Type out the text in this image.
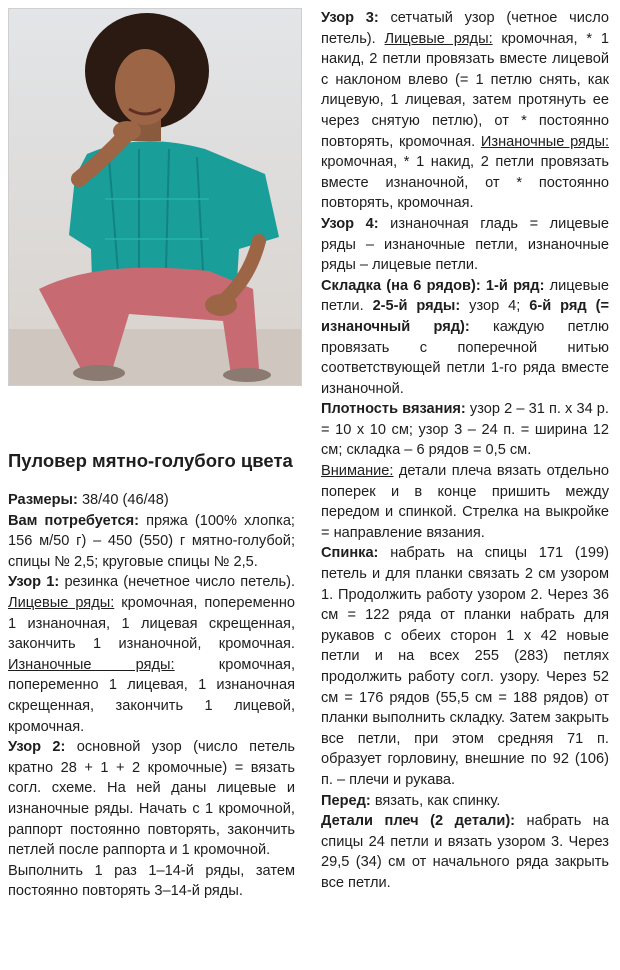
Пуловер мятно-голубого цвета

Размеры: 38/40 (46/48)

Вам потребуется: пряжа (100% хлопка; 156 м/50 г) – 450 (550) г мятно-голубой; спицы № 2,5; круговые спицы № 2,5.

Узор 1: резинка (нечетное число петель). Лицевые ряды: кромочная, попеременно 1 изнаночная, 1 лицевая скрещенная, закончить 1 изнаночной, кромочная. Изнаночные ряды: кромочная, попеременно 1 лицевая, 1 изнаночная скрещенная, закончить 1 лицевой, кромочная.

Узор 2: основной узор (число петель кратно 28 + 1 + 2 кромочные) = вязать согл. схеме. На ней даны лицевые и изнаночные ряды. Начать с 1 кромочной, раппорт постоянно повторять, закончить петлей после раппорта и 1 кромочной.

Выполнить 1 раз 1–14-й ряды, затем постоянно повторять 3–14-й ряды.

Узор 3: сетчатый узор (четное число петель). Лицевые ряды: кромочная, * 1 накид, 2 петли провязать вместе лицевой с наклоном влево (= 1 петлю снять, как лицевую, 1 лицевая, затем протянуть ее через снятую петлю), от * постоянно повторять, кромочная. Изнаночные ряды: кромочная, * 1 накид, 2 петли провязать вместе изнаночной, от * постоянно повторять, кромочная.

Узор 4: изнаночная гладь = лицевые ряды – изнаночные петли, изнаночные ряды – лицевые петли.

Складка (на 6 рядов): 1-й ряд: лицевые петли. 2-5-й ряды: узор 4; 6-й ряд (= изнаночный ряд): каждую петлю провязать с поперечной нитью соответствующей петли 1-го ряда вместе изнаночной.

Плотность вязания: узор 2 – 31 п. х 34 р. = 10 х 10 см; узор 3 – 24 п. = ширина 12 см; складка – 6 рядов = 0,5 см.

Внимание: детали плеча вязать отдельно поперек и в конце пришить между передом и спинкой. Стрелка на выкройке = направление вязания.

Спинка: набрать на спицы 171 (199) петель и для планки связать 2 см узором 1. Продолжить работу узором 2. Через 36 см = 122 ряда от планки набрать для рукавов с обеих сторон 1 х 42 новые петли и на всех 255 (283) петлях продолжить работу согл. узору. Через 52 см = 176 рядов (55,5 см = 188 рядов) от планки выполнить складку. Затем закрыть все петли, при этом средняя 71 п. образует горловину, внешние по 92 (106) п. – плечи и рукава.

Перед: вязать, как спинку.

Детали плеч (2 детали): набрать на спицы 24 петли и вязать узором 3. Через 29,5 (34) см от начального ряда закрыть все петли.
